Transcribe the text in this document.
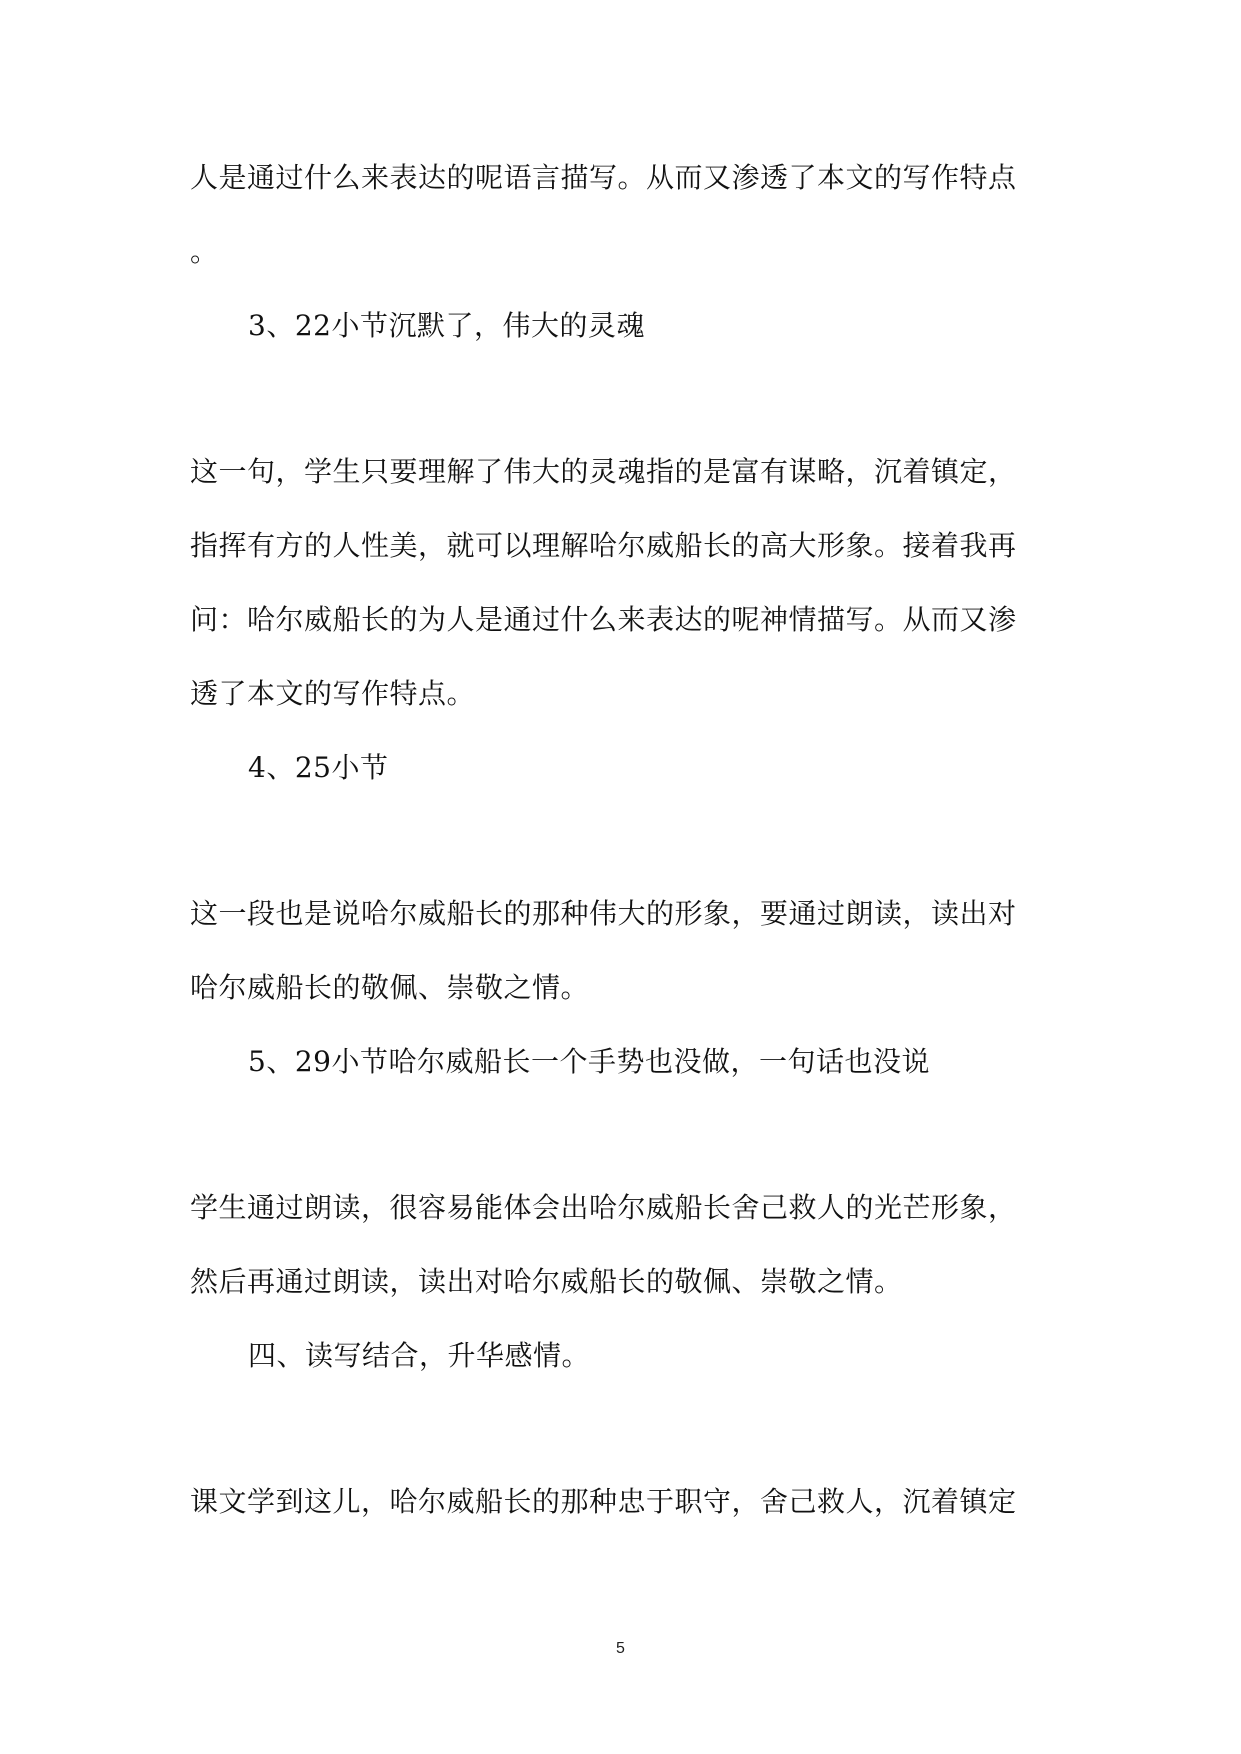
人是通过什么来表达的呢语言描写。从而又渗透了本文的写作特点
。
3、22小节沉默了，伟大的灵魂
这一句，学生只要理解了伟大的灵魂指的是富有谋略，沉着镇定，
指挥有方的人性美，就可以理解哈尔威船长的高大形象。接着我再
问：哈尔威船长的为人是通过什么来表达的呢神情描写。从而又渗
透了本文的写作特点。
4、25小节
这一段也是说哈尔威船长的那种伟大的形象，要通过朗读，读出对
哈尔威船长的敬佩、崇敬之情。
5、29小节哈尔威船长一个手势也没做，一句话也没说
学生通过朗读，很容易能体会出哈尔威船长舍己救人的光芒形象，
然后再通过朗读，读出对哈尔威船长的敬佩、崇敬之情。
四、读写结合，升华感情。
课文学到这儿，哈尔威船长的那种忠于职守，舍己救人，沉着镇定
5
